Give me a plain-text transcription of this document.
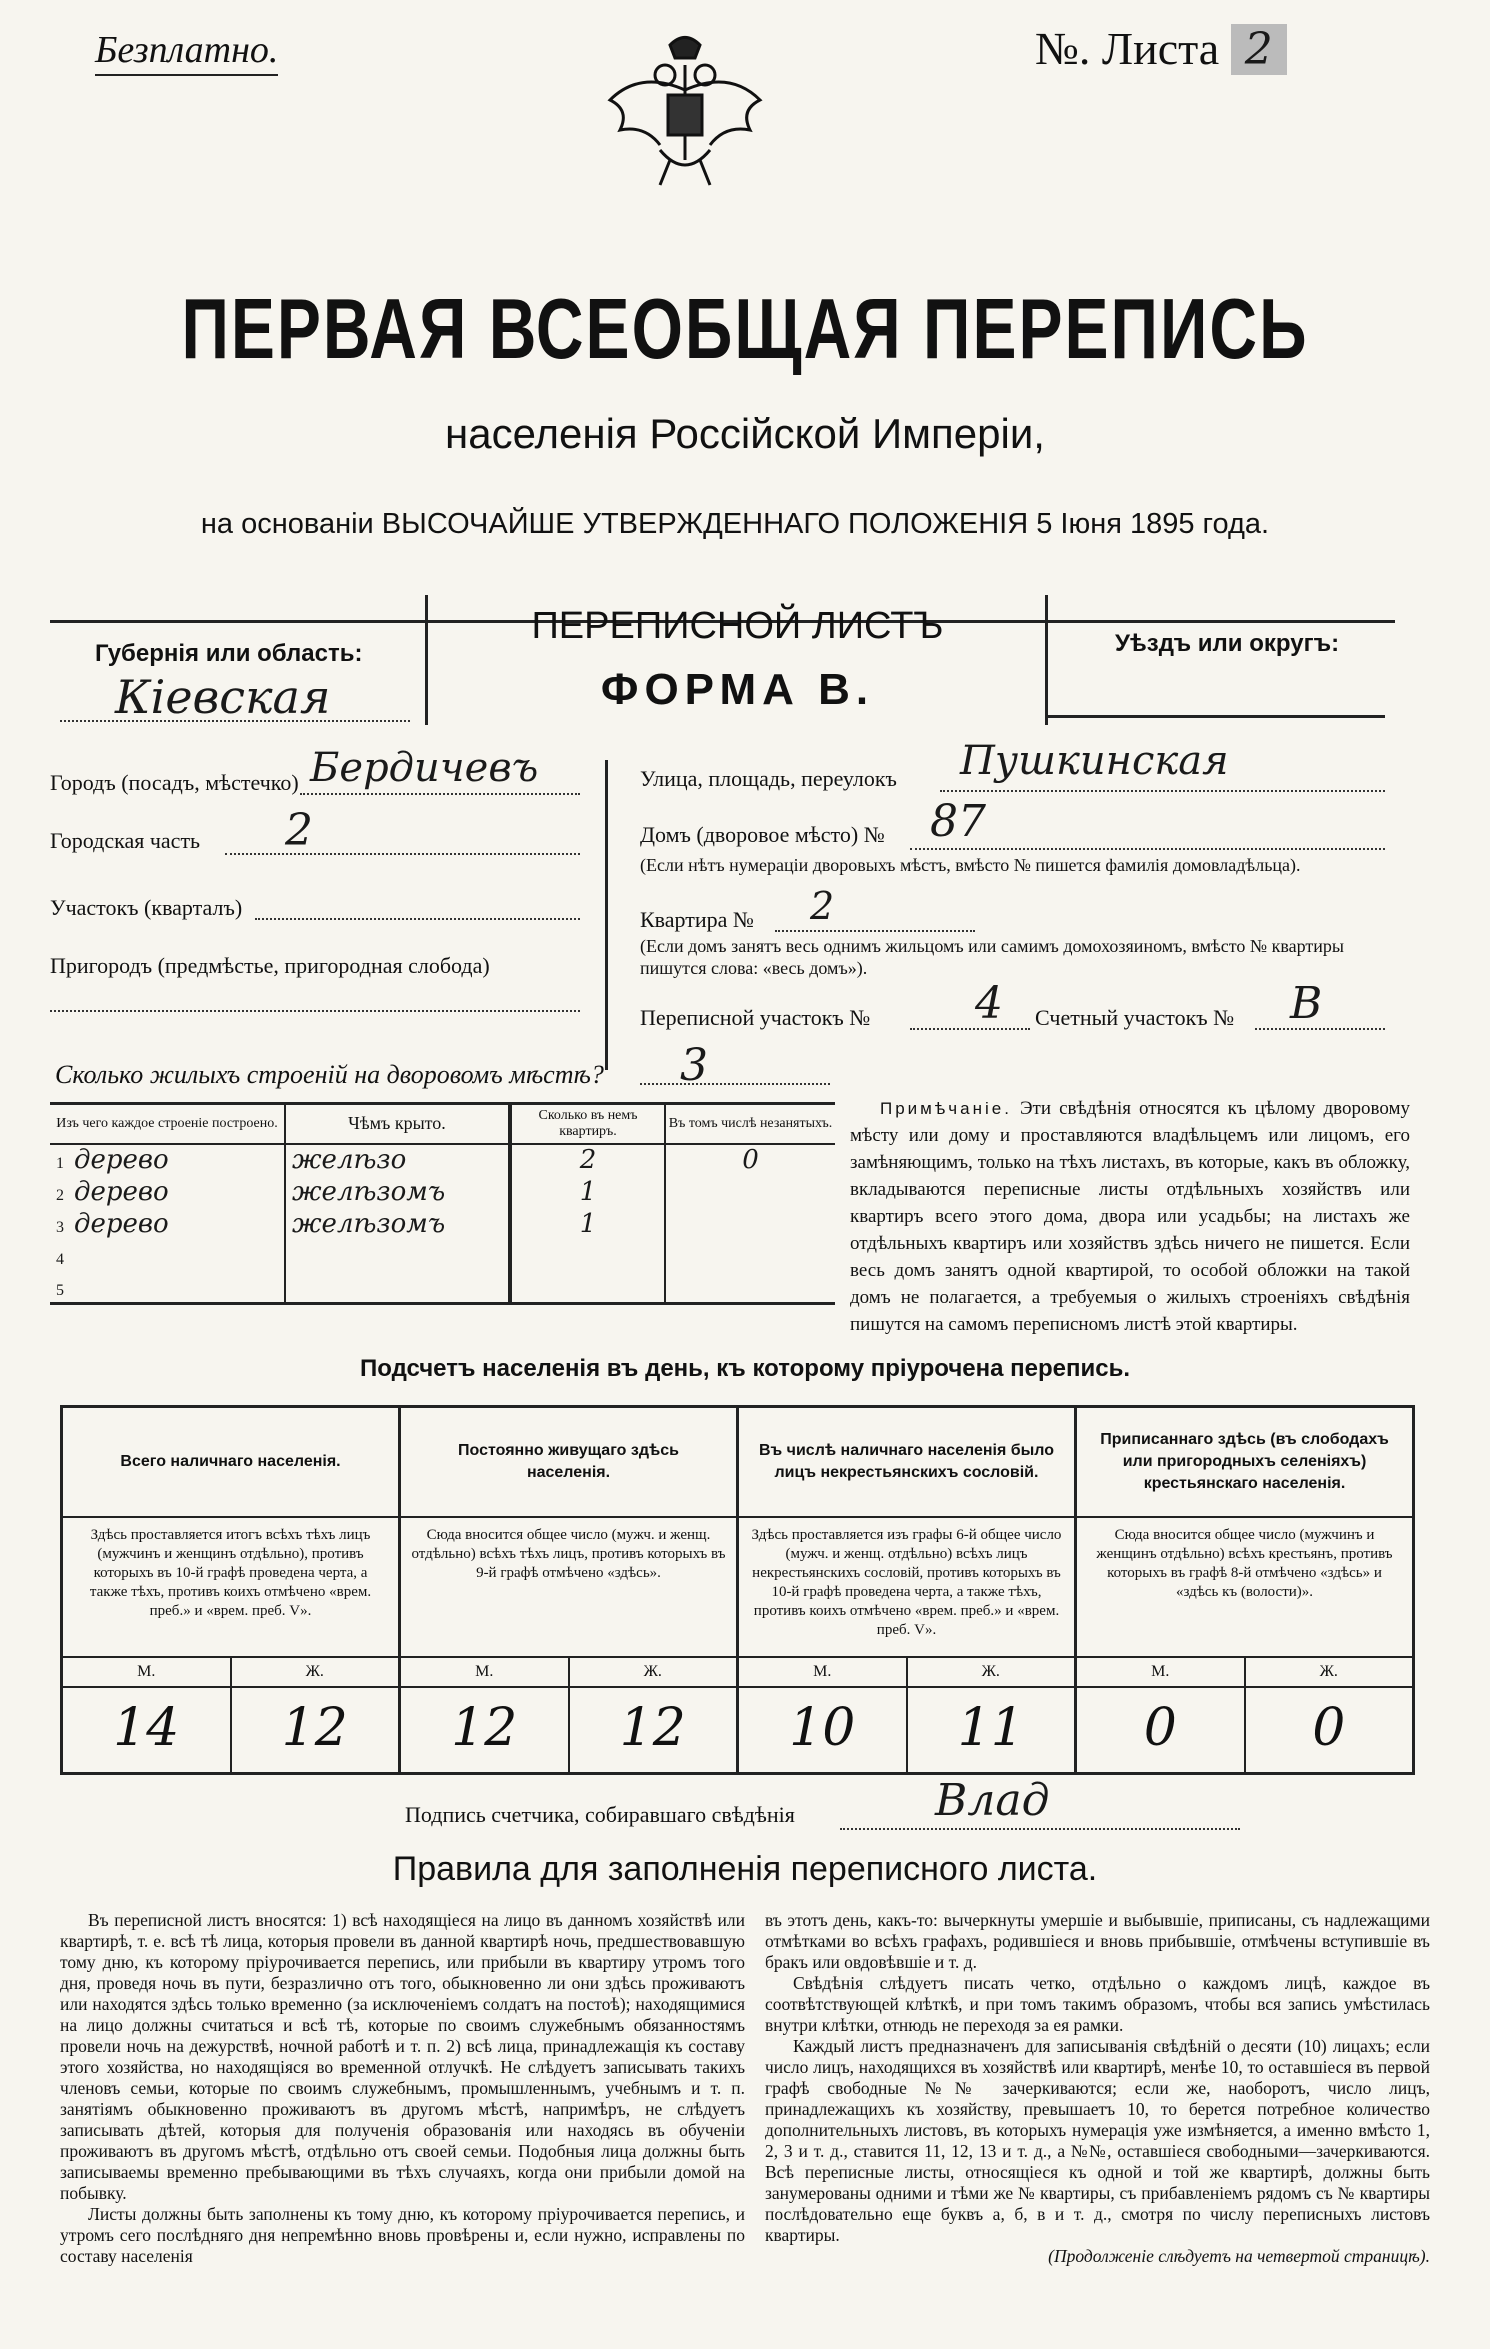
Безплатно.	№. Листа 2
ПЕРВАЯ ВСЕОБЩАЯ ПЕРЕПИСЬ
населенія Россійской Имперіи,
на основаніи ВЫСОЧАЙШЕ УТВЕРЖДЕННАГО ПОЛОЖЕНІЯ 5 Іюня 1895 года.
Губернія или область:
Кіевская
ПЕРЕПИСНОЙ ЛИСТЪ
ФОРМА В.
Уѣздъ или округъ:
Городъ (посадъ, мѣстечко) Бердичевъ
Городская часть 2
Участокъ (кварталъ)
Пригородъ (предмѣстье, пригородная слобода)
Улица, площадь, переулокъ Пушкинская
Домъ (дворовое мѣсто) № 87
(Если нѣтъ нумераціи дворовыхъ мѣстъ, вмѣсто № пишется фамилія домовладѣльца).
Квартира № 2
(Если домъ занятъ весь однимъ жильцомъ или самимъ домохозяиномъ, вмѣсто № квартиры пишутся слова: «весь домъ»).
Переписной участокъ № 4 Счетный участокъ № В
Сколько жилыхъ строеній на дворовомъ мѣстѣ? 3
Изъ чего каждое строеніе построено.	Чѣмъ крыто.	Сколько въ немъ квартиръ.	Въ томъ числѣ незанятыхъ.
1 дерево	желѣзо	2	0
2 дерево	желѣзомъ	1	
3 дерево	желѣзомъ	1	
4			
5			
Примѣчаніе. Эти свѣдѣнія относятся къ цѣлому дворовому мѣсту или дому и проставляются владѣльцемъ или лицомъ, его замѣняющимъ, только на тѣхъ листахъ, въ которые, какъ въ обложку, вкладываются переписные листы отдѣльныхъ хозяйствъ или квартиръ всего этого дома, двора или усадьбы; на листахъ же отдѣльныхъ квартиръ или хозяйствъ здѣсь ничего не пишется. Если весь домъ занятъ одной квартирой, то особой обложки на такой домъ не полагается, а требуемыя о жилыхъ строеніяхъ свѣдѣнія пишутся на самомъ переписномъ листѣ этой квартиры.
Подсчетъ населенія въ день, къ которому пріурочена перепись.
Всего наличнаго населенія.
Здѣсь проставляется итогъ всѣхъ тѣхъ лицъ (мужчинъ и женщинъ отдѣльно), противъ которыхъ въ 10-й графѣ проведена черта, а также тѣхъ, противъ коихъ отмѣчено «врем. преб.» и «врем. преб. V».
М.	Ж.
14	12
Постоянно живущаго здѣсь населенія.
Сюда вносится общее число (мужч. и женщ. отдѣльно) всѣхъ тѣхъ лицъ, противъ которыхъ въ 9-й графѣ отмѣчено «здѣсь».
М.	Ж.
12	12
Въ числѣ наличнаго населенія было лицъ некрестьянскихъ сословій.
Здѣсь проставляется изъ графы 6-й общее число (мужч. и женщ. отдѣльно) всѣхъ лицъ некрестьянскихъ сословій, противъ которыхъ въ 10-й графѣ проведена черта, а также тѣхъ, противъ коихъ отмѣчено «врем. преб.» и «врем. преб. V».
М.	Ж.
10	11
Приписаннаго здѣсь (въ слободахъ или пригородныхъ селеніяхъ) крестьянскаго населенія.
Сюда вносится общее число (мужчинъ и женщинъ отдѣльно) всѣхъ крестьянъ, противъ которыхъ въ графѣ 8-й отмѣчено «здѣсь» и «здѣсь къ (волости)».
М.	Ж.
0	0
Подпись счетчика, собиравшаго свѣдѣнія	Влад
Правила для заполненія переписного листа.

Въ переписной листъ вносятся: 1) всѣ находящіеся на лицо въ данномъ хозяйствѣ или квартирѣ, т. е. всѣ тѣ лица, которыя провели въ данной квартирѣ ночь, предшествовавшую тому дню, къ которому пріурочивается перепись, или прибыли въ квартиру утромъ того дня, проведя ночь въ пути, безразлично отъ того, обыкновенно ли они здѣсь проживаютъ или находятся здѣсь только временно (за исключеніемъ солдатъ на постоѣ); находящимися на лицо должны считаться и всѣ тѣ, которые по своимъ служебнымъ обязанностямъ провели ночь на дежурствѣ, ночной работѣ и т. п. 2) всѣ лица, принадлежащія къ составу этого хозяйства, но находящіяся во временной отлучкѣ. Не слѣдуетъ записывать такихъ членовъ семьи, которые по своимъ служебнымъ, промышленнымъ, учебнымъ и т. п. занятіямъ обыкновенно проживаютъ въ другомъ мѣстѣ, напримѣръ, не слѣдуетъ записывать дѣтей, которыя для полученія образованія или находясь въ обученіи проживаютъ въ другомъ мѣстѣ, отдѣльно отъ своей семьи. Подобныя лица должны быть записываемы временно пребывающими въ тѣхъ случаяхъ, когда они прибыли домой на побывку.

Листы должны быть заполнены къ тому дню, къ которому пріурочивается перепись, и утромъ сего послѣдняго дня непремѣнно вновь провѣрены и, если нужно, исправлены по составу населенія

въ этотъ день, какъ-то: вычеркнуты умершіе и выбывшіе, приписаны, съ надлежащими отмѣтками во всѣхъ графахъ, родившіеся и вновь прибывшіе, отмѣчены вступившіе въ бракъ или овдовѣвшіе и т. д.

Свѣдѣнія слѣдуетъ писать четко, отдѣльно о каждомъ лицѣ, каждое въ соотвѣтствующей клѣткѣ, и при томъ такимъ образомъ, чтобы вся запись умѣстилась внутри клѣтки, отнюдь не переходя за ея рамки.

Каждый листъ предназначенъ для записыванія свѣдѣній о десяти (10) лицахъ; если число лицъ, находящихся въ хозяйствѣ или квартирѣ, менѣе 10, то оставшіеся въ первой графѣ свободные №№ зачеркиваются; если же, наоборотъ, число лицъ, принадлежащихъ къ хозяйству, превышаетъ 10, то берется потребное количество дополнительныхъ листовъ, въ которыхъ нумерація уже измѣняется, а именно вмѣсто 1, 2, 3 и т. д., ставится 11, 12, 13 и т. д., а №№, оставшіеся свободными—зачеркиваются. Всѣ переписные листы, относящіеся къ одной и той же квартирѣ, должны быть занумерованы одними и тѣми же № квартиры, съ прибавленіемъ рядомъ съ № квартиры послѣдовательно еще буквъ а, б, в и т. д., смотря по числу переписныхъ листовъ квартиры.

(Продолженіе слѣдуетъ на четвертой страницѣ).
